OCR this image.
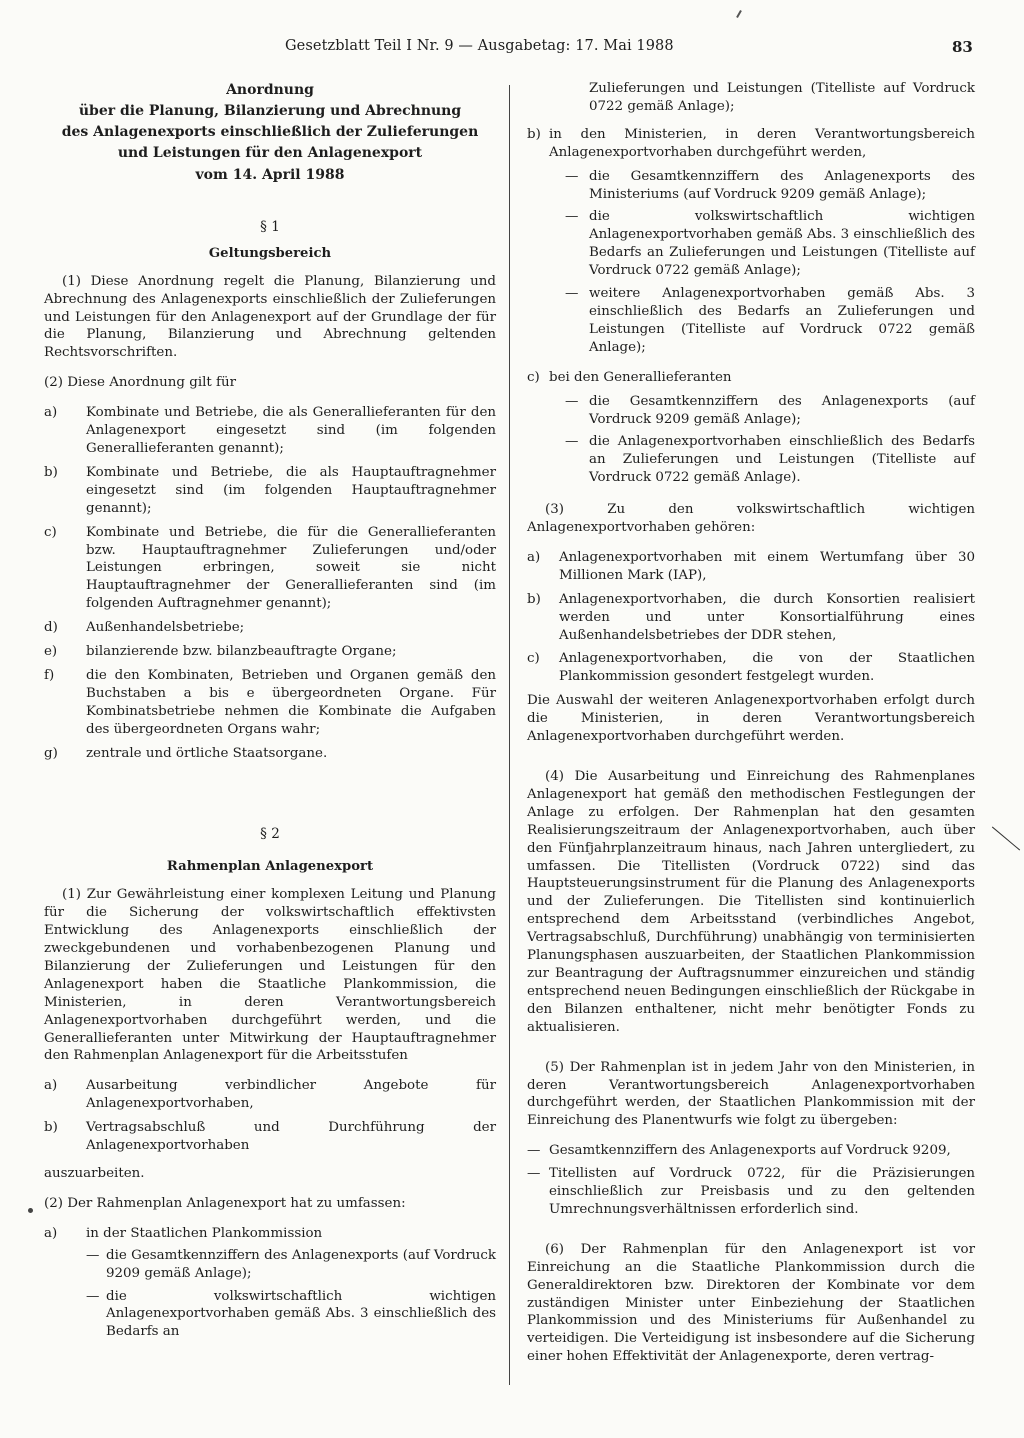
Gesetzblatt Teil I Nr. 9 — Ausgabetag: 17. Mai 1988	83
Anordnung
über die Planung, Bilanzierung und Abrechnung
des Anlagenexports einschließlich der Zulieferungen
und Leistungen für den Anlagenexport
vom 14. April 1988
§ 1
Geltungsbereich
(1) Diese Anordnung regelt die Planung, Bilanzierung und Abrechnung des Anlagenexports einschließlich der Zulieferungen und Leistungen für den Anlagenexport auf der Grundlage der für die Planung, Bilanzierung und Abrechnung geltenden Rechtsvorschriften.
(2) Diese Anordnung gilt für
a) Kombinate und Betriebe, die als Generallieferanten für den Anlagenexport eingesetzt sind (im folgenden Generallieferanten genannt);
b) Kombinate und Betriebe, die als Hauptauftragnehmer eingesetzt sind (im folgenden Hauptauftragnehmer genannt);
c) Kombinate und Betriebe, die für die Generallieferanten bzw. Hauptauftragnehmer Zulieferungen und/oder Leistungen erbringen, soweit sie nicht Hauptauftragnehmer der Generallieferanten sind (im folgenden Auftragnehmer genannt);
d) Außenhandelsbetriebe;
e) bilanzierende bzw. bilanzbeauftragte Organe;
f) die den Kombinaten, Betrieben und Organen gemäß den Buchstaben a bis e übergeordneten Organe. Für Kombinatsbetriebe nehmen die Kombinate die Aufgaben des übergeordneten Organs wahr;
g) zentrale und örtliche Staatsorgane.
§ 2
Rahmenplan Anlagenexport
(1) Zur Gewährleistung einer komplexen Leitung und Planung für die Sicherung der volkswirtschaftlich effektivsten Entwicklung des Anlagenexports einschließlich der zweckgebundenen und vorhabenbezogenen Planung und Bilanzierung der Zulieferungen und Leistungen für den Anlagenexport haben die Staatliche Plankommission, die Ministerien, in deren Verantwortungsbereich Anlagenexportvorhaben durchgeführt werden, und die Generallieferanten unter Mitwirkung der Hauptauftragnehmer den Rahmenplan Anlagenexport für die Arbeitsstufen
a) Ausarbeitung verbindlicher Angebote für Anlagenexportvorhaben,
b) Vertragsabschluß und Durchführung der Anlagenexportvorhaben
auszuarbeiten.
(2) Der Rahmenplan Anlagenexport hat zu umfassen:
a) in der Staatlichen Plankommission
— die Gesamtkennziffern des Anlagenexports (auf Vordruck 9209 gemäß Anlage);
— die volkswirtschaftlich wichtigen Anlagenexportvorhaben gemäß Abs. 3 einschließlich des Bedarfs an
Zulieferungen und Leistungen (Titelliste auf Vordruck 0722 gemäß Anlage);
b) in den Ministerien, in deren Verantwortungsbereich Anlagenexportvorhaben durchgeführt werden,
— die Gesamtkennziffern des Anlagenexports des Ministeriums (auf Vordruck 9209 gemäß Anlage);
— die volkswirtschaftlich wichtigen Anlagenexportvorhaben gemäß Abs. 3 einschließlich des Bedarfs an Zulieferungen und Leistungen (Titelliste auf Vordruck 0722 gemäß Anlage);
— weitere Anlagenexportvorhaben gemäß Abs. 3 einschließlich des Bedarfs an Zulieferungen und Leistungen (Titelliste auf Vordruck 0722 gemäß Anlage);
c) bei den Generallieferanten
— die Gesamtkennziffern des Anlagenexports (auf Vordruck 9209 gemäß Anlage);
— die Anlagenexportvorhaben einschließlich des Bedarfs an Zulieferungen und Leistungen (Titelliste auf Vordruck 0722 gemäß Anlage).
(3) Zu den volkswirtschaftlich wichtigen Anlagenexportvorhaben gehören:
a) Anlagenexportvorhaben mit einem Wertumfang über 30 Millionen Mark (IAP),
b) Anlagenexportvorhaben, die durch Konsortien realisiert werden und unter Konsortialführung eines Außenhandelsbetriebes der DDR stehen,
c) Anlagenexportvorhaben, die von der Staatlichen Plankommission gesondert festgelegt wurden.
Die Auswahl der weiteren Anlagenexportvorhaben erfolgt durch die Ministerien, in deren Verantwortungsbereich Anlagenexportvorhaben durchgeführt werden.
(4) Die Ausarbeitung und Einreichung des Rahmenplanes Anlagenexport hat gemäß den methodischen Festlegungen der Anlage zu erfolgen. Der Rahmenplan hat den gesamten Realisierungszeitraum der Anlagenexportvorhaben, auch über den Fünfjahrplanzeitraum hinaus, nach Jahren untergliedert, zu umfassen. Die Titellisten (Vordruck 0722) sind das Hauptsteuerungsinstrument für die Planung des Anlagenexports und der Zulieferungen. Die Titellisten sind kontinuierlich entsprechend dem Arbeitsstand (verbindliches Angebot, Vertragsabschluß, Durchführung) unabhängig von terminisierten Planungsphasen auszuarbeiten, der Staatlichen Plankommission zur Beantragung der Auftragsnummer einzureichen und ständig entsprechend neuen Bedingungen einschließlich der Rückgabe in den Bilanzen enthaltener, nicht mehr benötigter Fonds zu aktualisieren.
(5) Der Rahmenplan ist in jedem Jahr von den Ministerien, in deren Verantwortungsbereich Anlagenexportvorhaben durchgeführt werden, der Staatlichen Plankommission mit der Einreichung des Planentwurfs wie folgt zu übergeben:
— Gesamtkennziffern des Anlagenexports auf Vordruck 9209,
— Titellisten auf Vordruck 0722, für die Präzisierungen einschließlich zur Preisbasis und zu den geltenden Umrechnungsverhältnissen erforderlich sind.
(6) Der Rahmenplan für den Anlagenexport ist vor Einreichung an die Staatliche Plankommission durch die Generaldirektoren bzw. Direktoren der Kombinate vor dem zuständigen Minister unter Einbeziehung der Staatlichen Plankommission und des Ministeriums für Außenhandel zu verteidigen. Die Verteidigung ist insbesondere auf die Sicherung einer hohen Effektivität der Anlagenexporte, deren vertrag-
